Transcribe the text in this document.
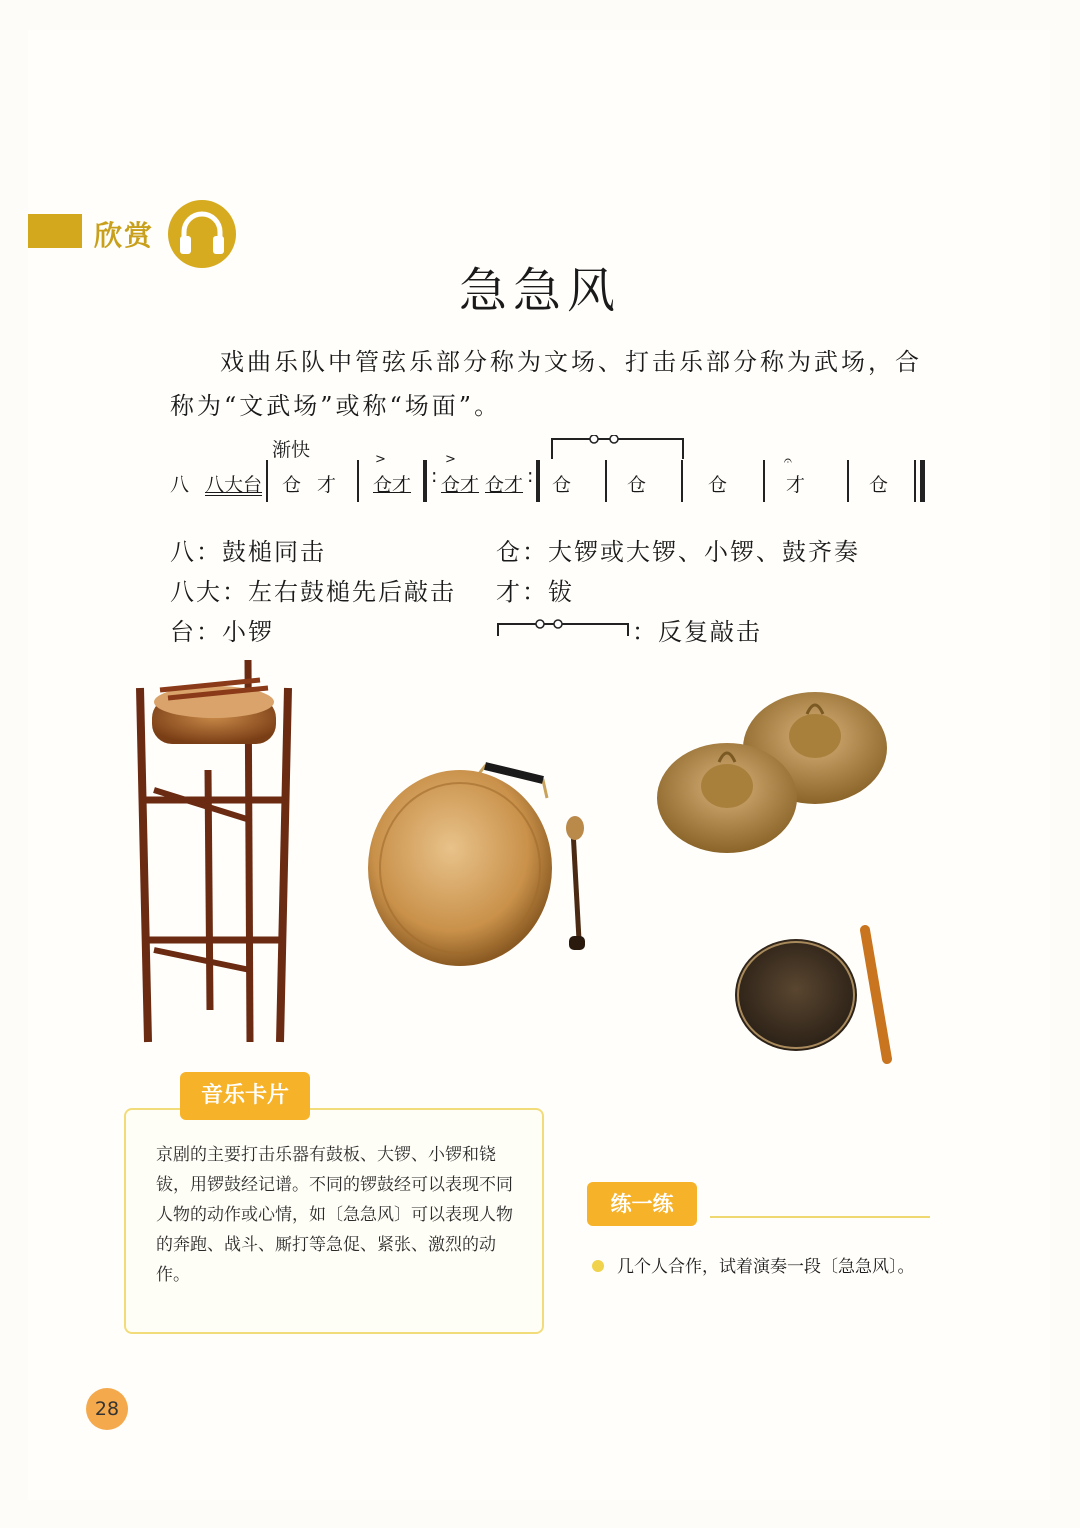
欣赏
急急风

戏曲乐队中管弦乐部分称为文场、打击乐部分称为武场，合称为“文武场”或称“场面”。

渐快
八 八大台 仓 才
>
仓才 :
>
仓才 仓才 : 仓	仓	仓
𝄐
才	仓
八：鼓槌同击
八大：左右鼓槌先后敲击
台：小锣
仓：大锣或大锣、小锣、鼓齐奏
才：钹
：反复敲击
音乐卡片
京剧的主要打击乐器有鼓板、大锣、小锣和铙钹，用锣鼓经记谱。不同的锣鼓经可以表现不同人物的动作或心情，如〔急急风〕可以表现人物的奔跑、战斗、厮打等急促、紧张、激烈的动作。
练一练
几个人合作，试着演奏一段〔急急风〕。
28
